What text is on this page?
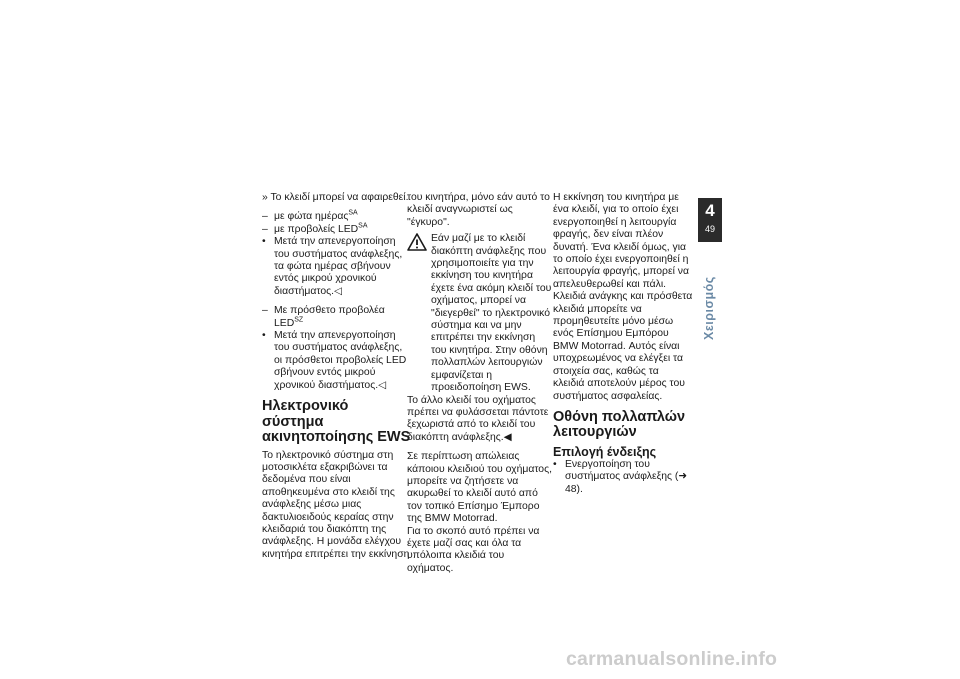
» Το κλειδί μπορεί να αφαιρεθεί.

– με φώτα ημέρας$^{SA}$

– με προβολείς $LED^{SA}$

• Μετά την απενεργοποίηση του συστήματος ανάφλεξης, τα φώτα ημέρας σβήνουν εντός μικρού χρονικού διαστήματος.◁

– Με πρόσθετο προβολέα $LED^{SZ}$

• Μετά την απενεργοποίηση του συστήματος ανάφλεξης, οι πρόσθετοι προβολείς LED σβήνουν εντός μικρού χρονικού διαστήματος.◁

Ηλεκτρονικό σύστημα ακινητοποίησης EWS

Το ηλεκτρονικό σύστημα στη μοτοσικλέτα εξακριβώνει τα δεδομένα που είναι αποθηκευμένα στο κλειδί της ανάφλεξης μέσω μιας δακτυλιοειδούς κεραίας στην κλειδαριά του διακόπτη της ανάφλεξης. Η μονάδα ελέγχου κινητήρα επιτρέπει την εκκίνηση

του κινητήρα, μόνο εάν αυτό το κλειδί αναγνωριστεί ως "έγκυρο".

Εάν μαζί με το κλειδί διακόπτη ανάφλεξης που χρησιμοποιείτε για την εκκίνηση του κινητήρα έχετε ένα ακόμη κλειδί του οχήματος, μπορεί να "διεγερθεί" το ηλεκτρονικό σύστημα και να μην επιτρέπει την εκκίνηση του κινητήρα. Στην οθόνη πολλαπλών λειτουργιών εμφανίζεται η προειδοποίηση EWS.

Το άλλο κλειδί του οχήματος πρέπει να φυλάσσεται πάντοτε ξεχωριστά από το κλειδί του διακόπτη ανάφλεξης.◀

Σε περίπτωση απώλειας κάποιου κλειδιού του οχήματος, μπορείτε να ζητήσετε να ακυρωθεί το κλειδί αυτό από τον τοπικό Επίσημο Έμπορο της BMW Motorrad.

Για το σκοπό αυτό πρέπει να έχετε μαζί σας και όλα τα υπόλοιπα κλειδιά του οχήματος.

Η εκκίνηση του κινητήρα με ένα κλειδί, για το οποίο έχει ενεργοποιηθεί η λειτουργία φραγής, δεν είναι πλέον δυνατή. Ένα κλειδί όμως, για το οποίο έχει ενεργοποιηθεί η λειτουργία φραγής, μπορεί να απελευθερωθεί και πάλι.

Κλειδιά ανάγκης και πρόσθετα κλειδιά μπορείτε να προμηθευτείτε μόνο μέσω ενός Επίσημου Εμπόρου BMW Motorrad. Αυτός είναι υποχρεωμένος να ελέγξει τα στοιχεία σας, καθώς τα κλειδιά αποτελούν μέρος του συστήματος ασφαλείας.

Οθόνη πολλαπλών λειτουργιών
Επιλογή ένδειξης

• Ενεργοποίηση του συστήματος ανάφλεξης (➜ 48).

4
49
Χειρισμός
carmanualsonline.info
